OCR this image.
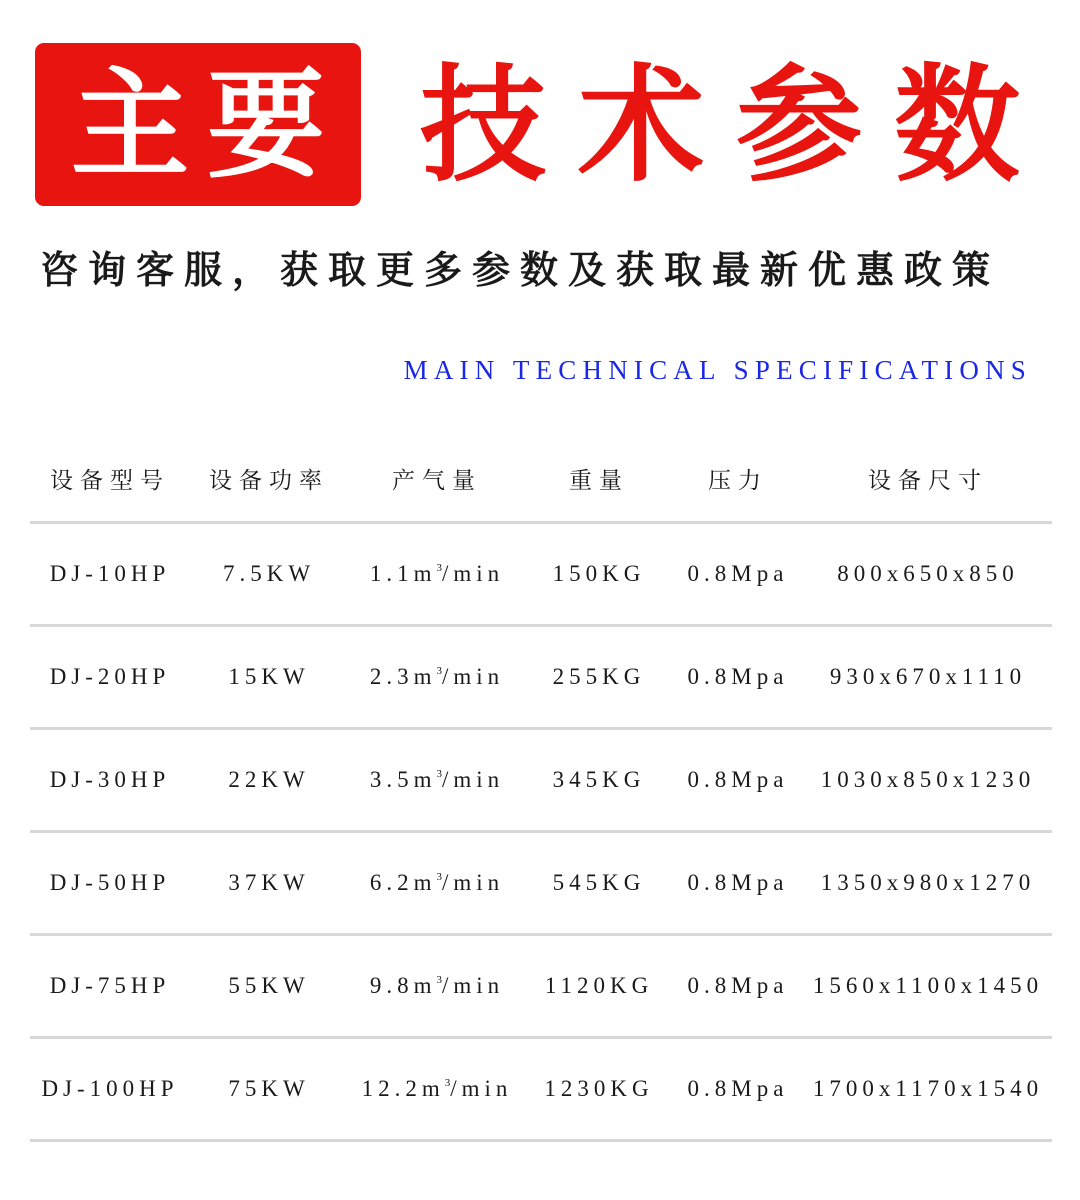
主要 技术参数
咨询客服，获取更多参数及获取最新优惠政策
MAIN TECHNICAL SPECIFICATIONS
设备型号	设备功率	产气量	重量	压力	设备尺寸
DJ-10HP	7.5KW	$1.1m^3/\min$	150KG	0.8Mpa	800x650x850
DJ-20HP	15KW	$2.3m^3/\min$	255KG	0.8Mpa	930x670x1110
DJ-30HP	22KW	$3.5m^3/\min$	345KG	0.8Mpa	1030x850x1230
DJ-50HP	37KW	$6.2m^3/\min$	545KG	0.8Mpa	1350x980x1270
DJ-75HP	55KW	$9.8m^3/\min$	1120KG	0.8Mpa	1560x1100x1450
DJ-100HP	75KW	$12.2m^3/\min$	1230KG	0.8Mpa	1700x1170x1540
